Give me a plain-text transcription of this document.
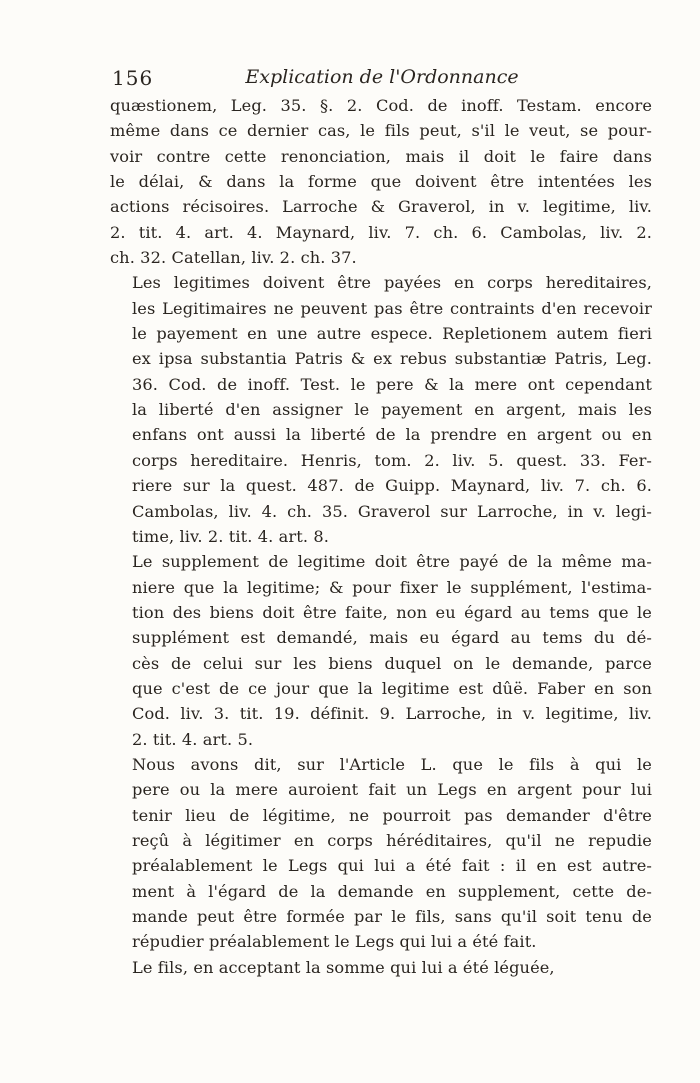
156	Explication de l'Ordonnance

quæstionem, Leg. 35. §. 2. Cod. de inoff. Testam. encore
même dans ce dernier cas, le fils peut, s'il le veut, se pour-
voir contre cette renonciation, mais il doit le faire dans
le délai, & dans la forme que doivent être intentées les
actions récisoires. Larroche & Graverol, in v. legitime, liv.
2. tit. 4. art. 4. Maynard, liv. 7. ch. 6. Cambolas, liv. 2.
ch. 32. Catellan, liv. 2. ch. 37.

Les legitimes doivent être payées en corps hereditaires,
les Legitimaires ne peuvent pas être contraints d'en recevoir
le payement en une autre espece. Repletionem autem fieri
ex ipsa substantia Patris & ex rebus substantiæ Patris, Leg.
36. Cod. de inoff. Test. le pere & la mere ont cependant
la liberté d'en assigner le payement en argent, mais les
enfans ont aussi la liberté de la prendre en argent ou en
corps hereditaire. Henris, tom. 2. liv. 5. quest. 33. Fer-
riere sur la quest. 487. de Guipp. Maynard, liv. 7. ch. 6.
Cambolas, liv. 4. ch. 35. Graverol sur Larroche, in v. legi-
time, liv. 2. tit. 4. art. 8.

Le supplement de legitime doit être payé de la même ma-
niere que la legitime; & pour fixer le supplément, l'estima-
tion des biens doit être faite, non eu égard au tems que le
supplément est demandé, mais eu égard au tems du dé-
cès de celui sur les biens duquel on le demande, parce
que c'est de ce jour que la legitime est dûë. Faber en son
Cod. liv. 3. tit. 19. définit. 9. Larroche, in v. legitime, liv.
2. tit. 4. art. 5.

Nous avons dit, sur l'Article L. que le fils à qui le
pere ou la mere auroient fait un Legs en argent pour lui
tenir lieu de légitime, ne pourroit pas demander d'être
reçû à légitimer en corps héréditaires, qu'il ne repudie
préalablement le Legs qui lui a été fait : il en est autre-
ment à l'égard de la demande en supplement, cette de-
mande peut être formée par le fils, sans qu'il soit tenu de
répudier préalablement le Legs qui lui a été fait.

Le fils, en acceptant la somme qui lui a été léguée,
